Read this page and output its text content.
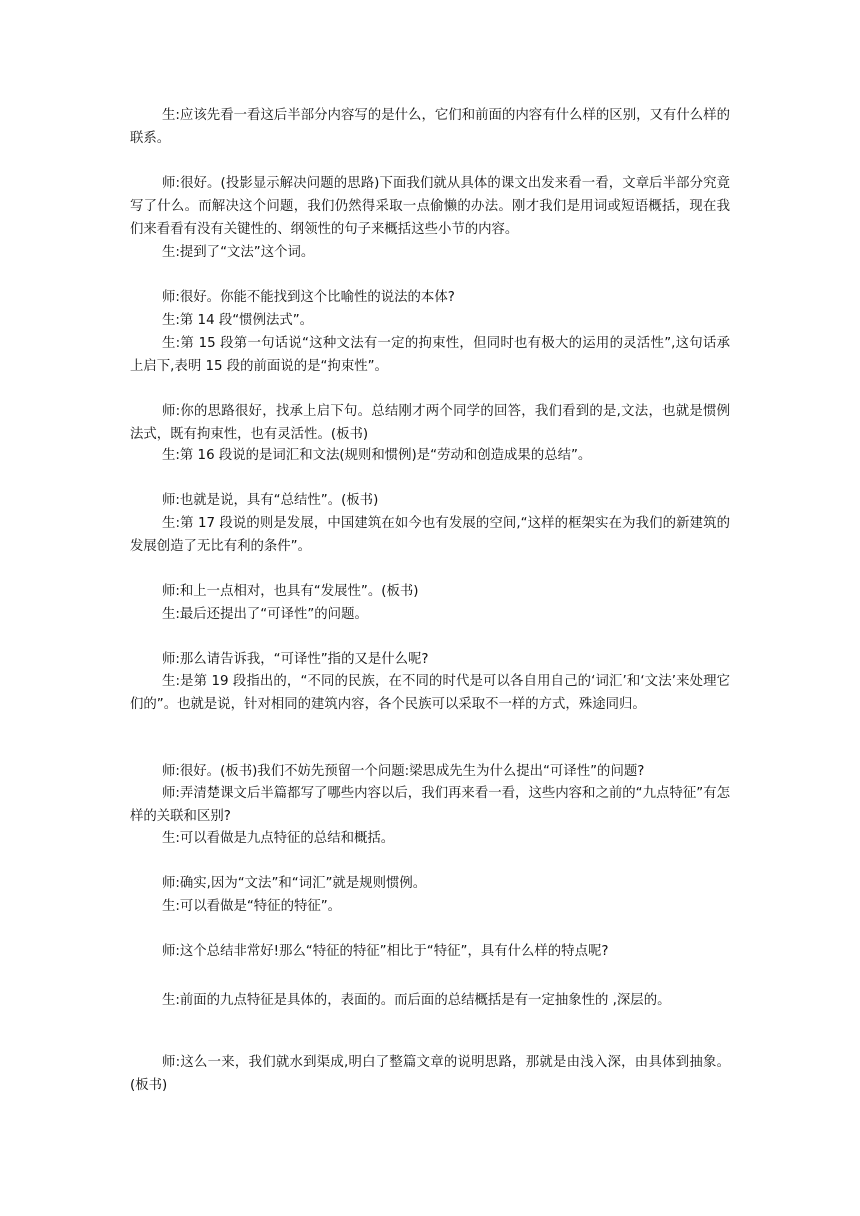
生:应该先看一看这后半部分内容写的是什么，它们和前面的内容有什么样的区别，又有什么样的联系。

师:很好。(投影显示解决问题的思路)下面我们就从具体的课文出发来看一看，文章后半部分究竟写了什么。而解决这个问题，我们仍然得采取一点偷懒的办法。刚才我们是用词或短语概括，现在我们来看看有没有关键性的、纲领性的句子来概括这些小节的内容。

生:提到了“文法”这个词。

师:很好。你能不能找到这个比喻性的说法的本体?

生:第 14 段“惯例法式”。

生:第 15 段第一句话说“这种文法有一定的拘束性，但同时也有极大的运用的灵活性”,这句话承上启下,表明 15 段的前面说的是“拘束性”。

师:你的思路很好，找承上启下句。总结刚才两个同学的回答，我们看到的是,文法，也就是惯例法式，既有拘束性，也有灵活性。(板书)

生:第 16 段说的是词汇和文法(规则和惯例)是“劳动和创造成果的总结”。

师:也就是说，具有“总结性”。(板书)

生:第 17 段说的则是发展，中国建筑在如今也有发展的空间,“这样的框架实在为我们的新建筑的发展创造了无比有利的条件”。

师:和上一点相对，也具有“发展性”。(板书)

生:最后还提出了“可译性”的问题。

师:那么请告诉我，“可译性”指的又是什么呢?

生:是第 19 段指出的，“不同的民族，在不同的时代是可以各自用自己的‘词汇’和‘文法’来处理它们的”。也就是说，针对相同的建筑内容，各个民族可以采取不一样的方式，殊途同归。

师:很好。(板书)我们不妨先预留一个问题:梁思成先生为什么提出“可译性”的问题?

师:弄清楚课文后半篇都写了哪些内容以后，我们再来看一看，这些内容和之前的“九点特征”有怎样的关联和区别?

生:可以看做是九点特征的总结和概括。

师:确实,因为“文法”和“词汇”就是规则惯例。

生:可以看做是“特征的特征”。

师:这个总结非常好!那么“特征的特征”相比于“特征”，具有什么样的特点呢?

生:前面的九点特征是具体的，表面的。而后面的总结概括是有一定抽象性的 ,深层的。

师:这么一来，我们就水到渠成,明白了整篇文章的说明思路，那就是由浅入深，由具体到抽象。(板书)
